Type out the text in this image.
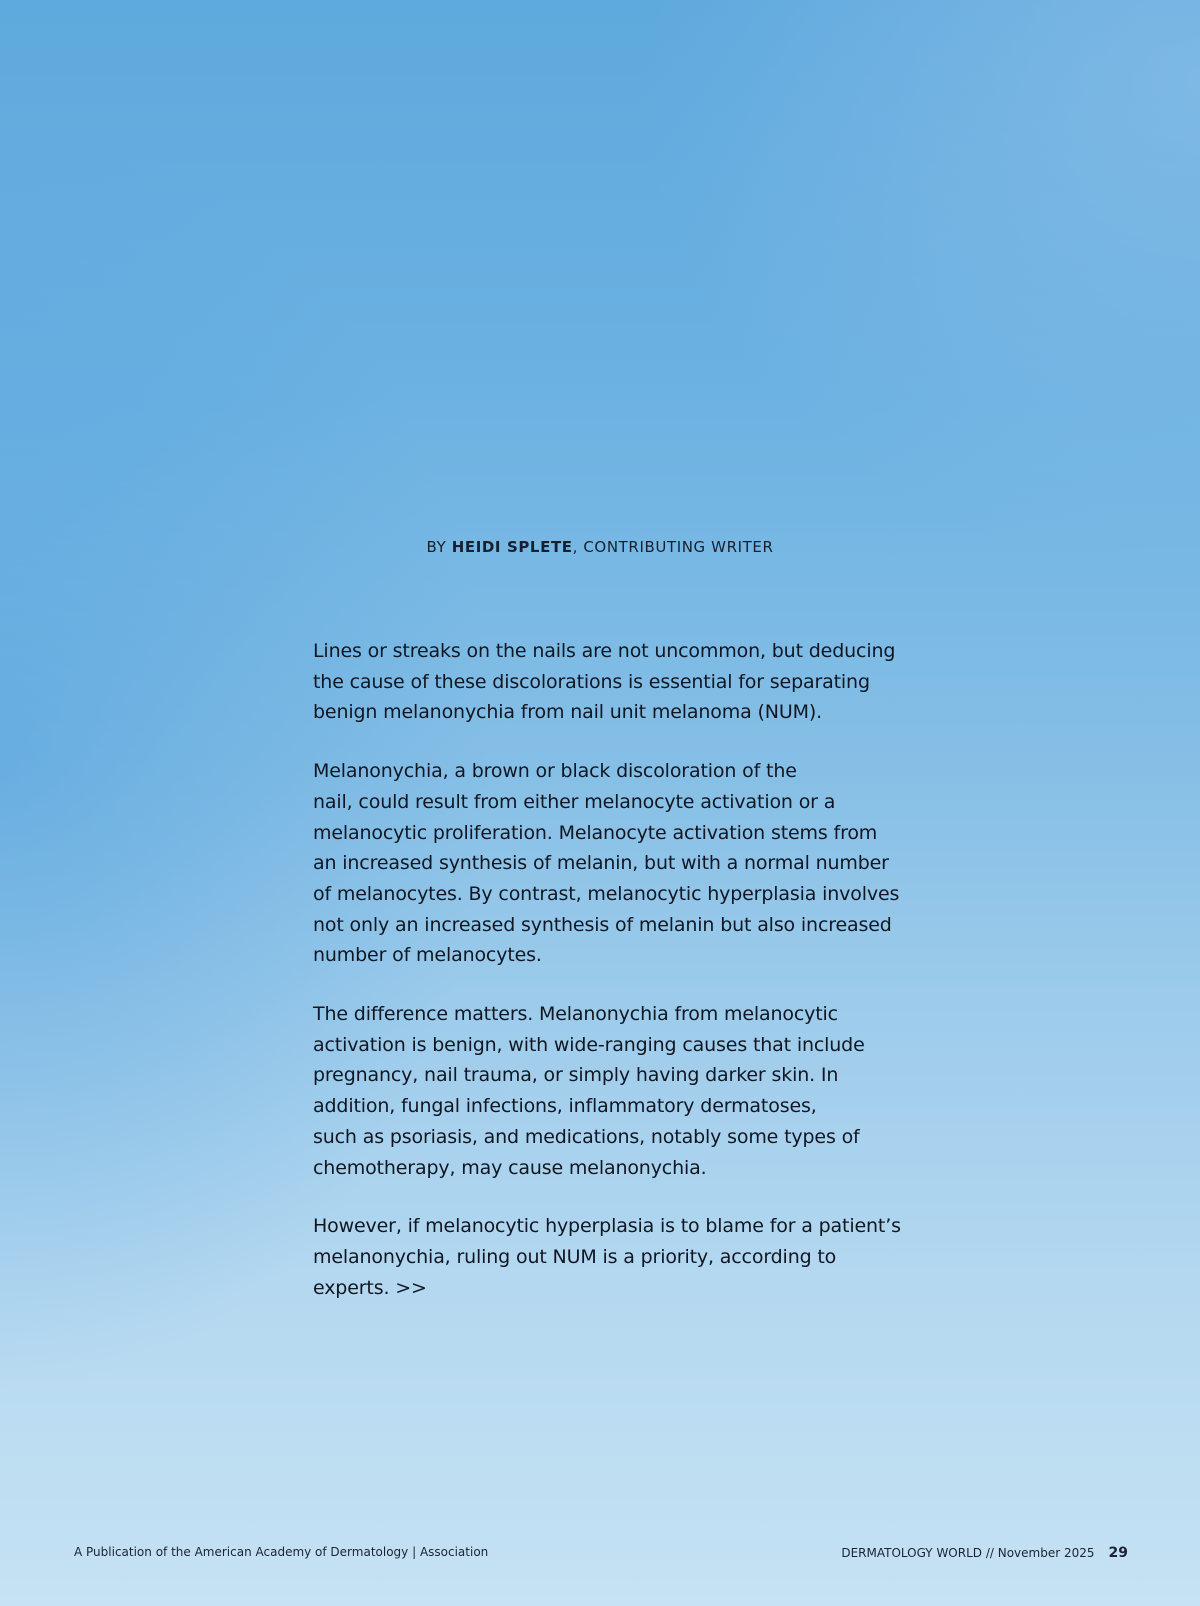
BY HEIDI SPLETE, CONTRIBUTING WRITER

Lines or streaks on the nails are not uncommon, but deducing
the cause of these discolorations is essential for separating
benign melanonychia from nail unit melanoma (NUM).

Melanonychia, a brown or black discoloration of the
nail, could result from either melanocyte activation or a
melanocytic proliferation. Melanocyte activation stems from
an increased synthesis of melanin, but with a normal number
of melanocytes. By contrast, melanocytic hyperplasia involves
not only an increased synthesis of melanin but also increased
number of melanocytes.

The difference matters. Melanonychia from melanocytic
activation is benign, with wide-ranging causes that include
pregnancy, nail trauma, or simply having darker skin. In
addition, fungal infections, inflammatory dermatoses,
such as psoriasis, and medications, notably some types of
chemotherapy, may cause melanonychia.

However, if melanocytic hyperplasia is to blame for a patient’s
melanonychia, ruling out NUM is a priority, according to
experts. >>

A Publication of the American Academy of Dermatology | Association	DERMATOLOGY WORLD // November 2025 29
